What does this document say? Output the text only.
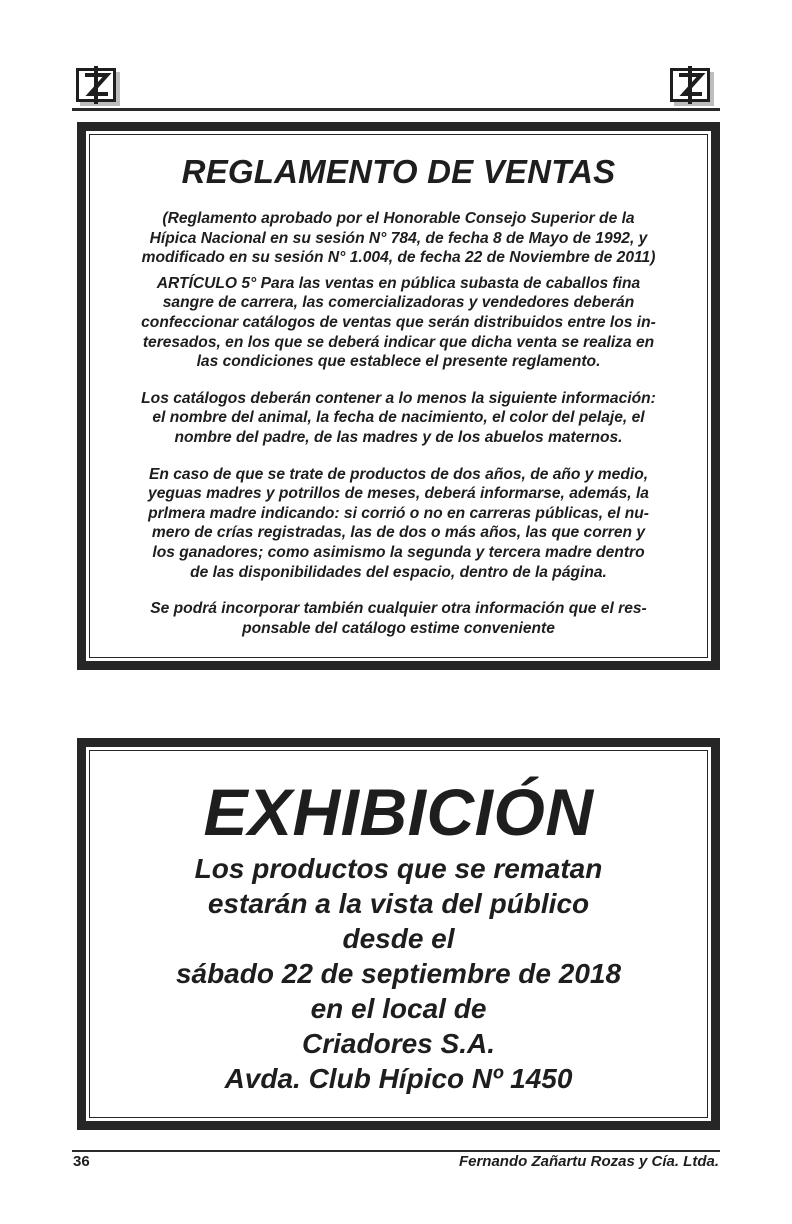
REGLAMENTO DE VENTAS

(Reglamento aprobado por el Honorable Consejo Superior de la

Hípica Nacional en su sesión N° 784, de fecha 8 de Mayo de 1992, y

modificado en su sesión N° 1.004, de fecha 22 de Noviembre de 2011)

ARTÍCULO 5° Para las ventas en pública subasta de caballos fina

sangre de carrera, las comercializadoras y vendedores deberán

confeccionar catálogos de ventas que serán distribuidos entre los in-

teresados, en los que se deberá indicar que dicha venta se realiza en

las condiciones que establece el presente reglamento.

Los catálogos deberán contener a lo menos la siguiente información:

el nombre del animal, la fecha de nacimiento, el color del pelaje, el

nombre del padre, de las madres y de los abuelos maternos.

En caso de que se trate de productos de dos años, de año y medio,

yeguas madres y potrillos de meses, deberá informarse, además, la

prlmera madre indicando: si corrió o no en carreras públicas, el nu-

mero de crías registradas, las de dos o más años, las que corren y

los ganadores; como asimismo la segunda y tercera madre dentro

de las disponibilidades del espacio, dentro de la página.

Se podrá incorporar también cualquier otra información que el res-

ponsable del catálogo estime conveniente

EXHIBICIÓN
Los productos que se rematan
estarán a la vista del público
desde el
sábado 22 de septiembre de 2018
en el local de
Criadores S.A.
Avda. Club Hípico Nº 1450
36	Fernando Zañartu Rozas y Cía. Ltda.
